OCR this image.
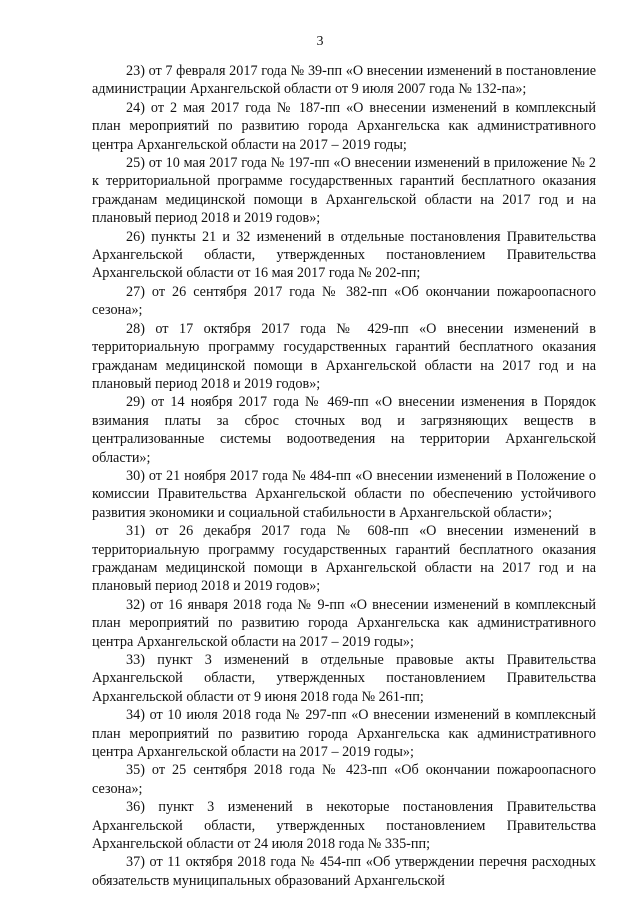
3

23) от 7 февраля 2017 года № 39-пп «О внесении изменений в постановление администрации Архангельской области от 9 июля 2007 года № 132-па»;

24) от 2 мая 2017 года № 187-пп «О внесении изменений в комплексный план мероприятий по развитию города Архангельска как административного центра Архангельской области на 2017 – 2019 годы;

25) от 10 мая 2017 года № 197-пп «О внесении изменений в приложение № 2 к территориальной программе государственных гарантий бесплатного оказания гражданам медицинской помощи в Архангельской области на 2017 год и на плановый период 2018 и 2019 годов»;

26) пункты 21 и 32 изменений в отдельные постановления Правительства Архангельской области, утвержденных постановлением Правительства Архангельской области от 16 мая 2017 года № 202-пп;

27) от 26 сентября 2017 года № 382-пп «Об окончании пожароопасного сезона»;

28) от 17 октября 2017 года № 429-пп «О внесении изменений в территориальную программу государственных гарантий бесплатного оказания гражданам медицинской помощи в Архангельской области на 2017 год и на плановый период 2018 и 2019 годов»;

29) от 14 ноября 2017 года № 469-пп «О внесении изменения в Порядок взимания платы за сброс сточных вод и загрязняющих веществ в централизованные системы водоотведения на территории Архангельской области»;

30) от 21 ноября 2017 года № 484-пп «О внесении изменений в Положение о комиссии Правительства Архангельской области по обеспечению устойчивого развития экономики и социальной стабильности в Архангельской области»;

31) от 26 декабря 2017 года № 608-пп «О внесении изменений в территориальную программу государственных гарантий бесплатного оказания гражданам медицинской помощи в Архангельской области на 2017 год и на плановый период 2018 и 2019 годов»;

32) от 16 января 2018 года № 9-пп «О внесении изменений в комплексный план мероприятий по развитию города Архангельска как административного центра Архангельской области на 2017 – 2019 годы»;

33) пункт 3 изменений в отдельные правовые акты Правительства Архангельской области, утвержденных постановлением Правительства Архангельской области от 9 июня 2018 года № 261-пп;

34) от 10 июля 2018 года № 297-пп «О внесении изменений в комплексный план мероприятий по развитию города Архангельска как административного центра Архангельской области на 2017 – 2019 годы»;

35) от 25 сентября 2018 года № 423-пп «Об окончании пожароопасного сезона»;

36) пункт 3 изменений в некоторые постановления Правительства Архангельской области, утвержденных постановлением Правительства Архангельской области от 24 июля 2018 года № 335-пп;

37) от 11 октября 2018 года № 454-пп «Об утверждении перечня расходных обязательств муниципальных образований Архангельской
